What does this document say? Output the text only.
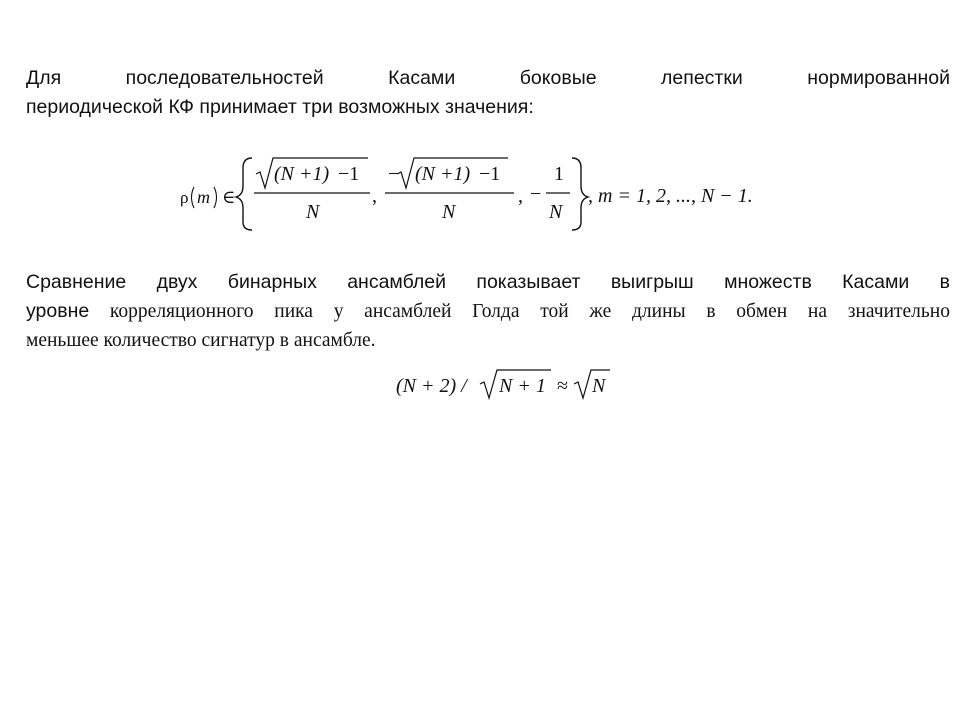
Для последовательностей Касами боковые лепестки нормированной
периодической КФ принимает три возможных значения:
ρ m ∈
(N +1) −1
N
,
− (N +1) −1
N
, −
1
N
, m = 1, 2, ..., N − 1.
Сравнение двух бинарных ансамблей показывает выигрыш множеств Касами в
уровне корреляционного пика у ансамблей Голда той же длины в обмен на значительно
меньшее количество сигнатур в ансамбле.
(N + 2) / N + 1 ≈ N
